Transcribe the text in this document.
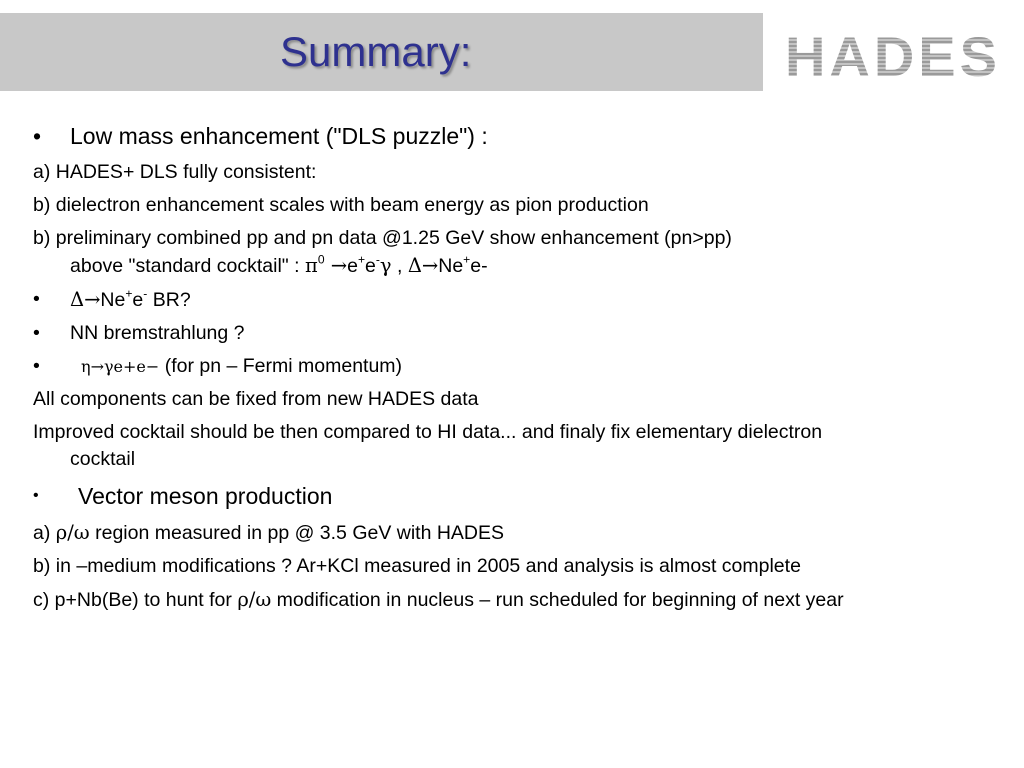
Summary:	HADES
• Low mass enhancement ("DLS puzzle") :
a) HADES+ DLS fully consistent:
b) dielectron enhancement scales with beam energy as pion production
b) preliminary combined pp and pn data @1.25 GeV show enhancement (pn>pp)
above "standard cocktail" : $\pi^0 \to e^+e^-\gamma$ , Δ→Ne+e-
• Δ→Ne+e- BR?
• NN bremstrahlung ?
•	η→γe+e− (for pn – Fermi momentum)
All components can be fixed from new HADES data
Improved cocktail should be then compared to HI data... and finaly fix elementary dielectron
cocktail
• Vector meson production
a) ρ/ω region measured in pp @ 3.5 GeV with HADES
b) in –medium modifications ? Ar+KCl measured in 2005 and analysis is almost complete
c) p+Nb(Be) to hunt for ρ/ω modification in nucleus – run scheduled for beginning of next year
